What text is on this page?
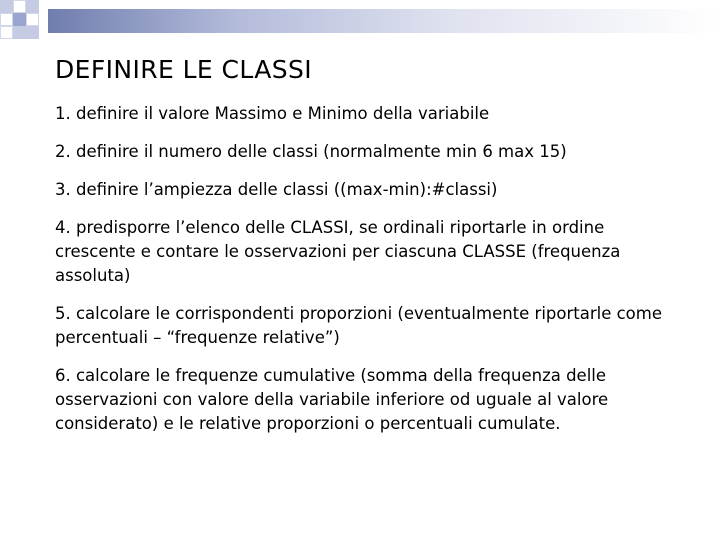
DEFINIRE LE CLASSI
1. definire il valore Massimo e Minimo della variabile
2. definire il numero delle classi (normalmente min 6 max 15)
3. definire l’ampiezza delle classi ((max-min):#classi)
4. predisporre l’elenco delle CLASSI, se ordinali riportarle in ordine crescente e contare le osservazioni per ciascuna CLASSE (frequenza assoluta)
5. calcolare le corrispondenti proporzioni (eventualmente riportarle come percentuali – “frequenze relative”)
6. calcolare le frequenze cumulative (somma della frequenza delle osservazioni con valore della variabile inferiore od uguale al valore considerato) e le relative proporzioni o percentuali cumulate.
